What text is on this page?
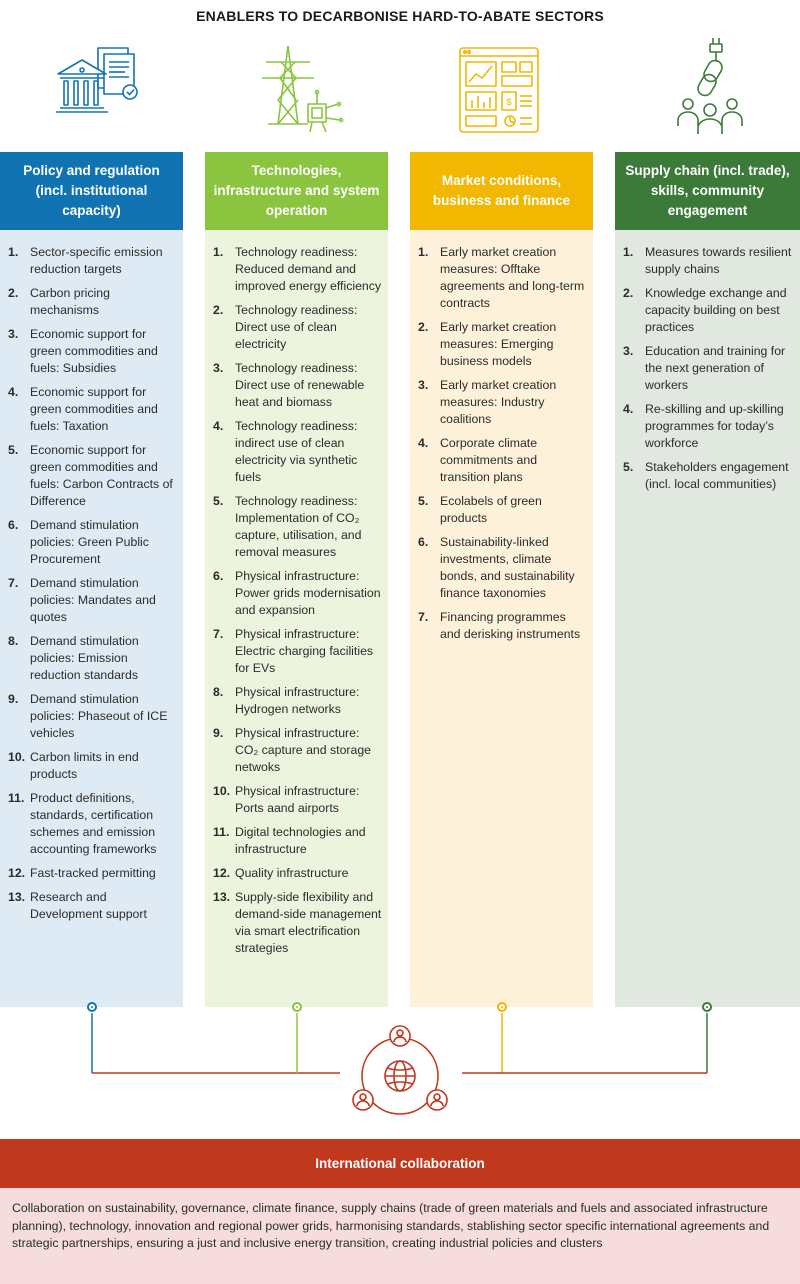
ENABLERS TO DECARBONISE HARD-TO-ABATE SECTORS
$
Policy and regulation (incl. institutional capacity)
1. Sector-specific emission reduction targets
2. Carbon pricing mechanisms
3. Economic support for green commodities and fuels: Subsidies
4. Economic support for green commodities and fuels: Taxation
5. Economic support for green commodities and fuels: Carbon Contracts of Difference
6. Demand stimulation policies: Green Public Procurement
7. Demand stimulation policies: Mandates and quotes
8. Demand stimulation policies: Emission reduction standards
9. Demand stimulation policies: Phaseout of ICE vehicles
10. Carbon limits in end products
11. Product definitions, standards, certification schemes and emission accounting frameworks
12. Fast-tracked permitting
13. Research and Development support
Technologies, infrastructure and system operation
1. Technology readiness: Reduced demand and improved energy efficiency
2. Technology readiness: Direct use of clean electricity
3. Technology readiness: Direct use of renewable heat and biomass
4. Technology readiness: indirect use of clean electricity via synthetic fuels
5. Technology readiness: Implementation of CO₂ capture, utilisation, and removal measures
6. Physical infrastructure: Power grids modernisation and expansion
7. Physical infrastructure: Electric charging facilities for EVs
8. Physical infrastructure: Hydrogen networks
9. Physical infrastructure: CO₂ capture and storage netwoks
10. Physical infrastructure: Ports aand airports
11. Digital technologies and infrastructure
12. Quality infrastructure
13. Supply-side flexibility and demand-side management via smart electrification strategies
Market conditions, business and finance
1. Early market creation measures: Offtake agreements and long-term contracts
2. Early market creation measures: Emerging business models
3. Early market creation measures: Industry coalitions
4. Corporate climate commitments and transition plans
5. Ecolabels of green products
6. Sustainability-linked investments, climate bonds, and sustainability finance taxonomies
7. Financing programmes and derisking instruments
Supply chain (incl. trade), skills, community engagement
1. Measures towards resilient supply chains
2. Knowledge exchange and capacity building on best practices
3. Education and training for the next generation of workers
4. Re-skilling and up-skilling programmes for today’s workforce
5. Stakeholders engagement (incl. local communities)
International collaboration
Collaboration on sustainability, governance, climate finance, supply chains (trade of green materials and fuels and associated infrastructure planning), technology, innovation and regional power grids, harmonising standards, stablishing sector specific international agreements and strategic partnerships, ensuring a just and inclusive energy transition, creating industrial policies and clusters
